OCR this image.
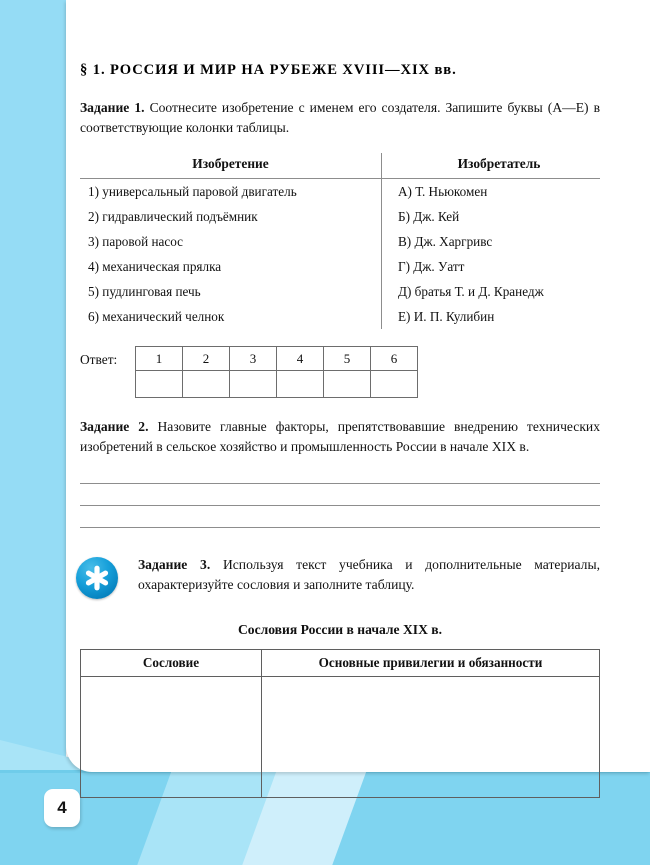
4
§ 1. РОССИЯ И МИР НА РУБЕЖЕ XVIII—XIX вв.
Задание 1. Соотнесите изобретение с именем его создателя. Запишите буквы (А—Е) в соответствующие колонки таблицы.
Изобретение	Изобретатель
1) универсальный паровой двигатель	А) Т. Ньюкомен
2) гидравлический подъёмник	Б) Дж. Кей
3) паровой насос	В) Дж. Харгривс
4) механическая прялка	Г) Дж. Уатт
5) пудлинговая печь	Д) братья Т. и Д. Кранедж
6) механический челнок	Е) И. П. Кулибин
Ответ:	1	2	3	4	5	6

Задание 2. Назовите главные факторы, препятствовавшие внедрению технических изобретений в сельское хозяйство и промышленность России в начале XIX в.
Задание 3. Используя текст учебника и дополнительные материалы, охарактеризуйте сословия и заполните таблицу.
Сословия России в начале XIX в.
Сословие	Основные привилегии и обязанности
